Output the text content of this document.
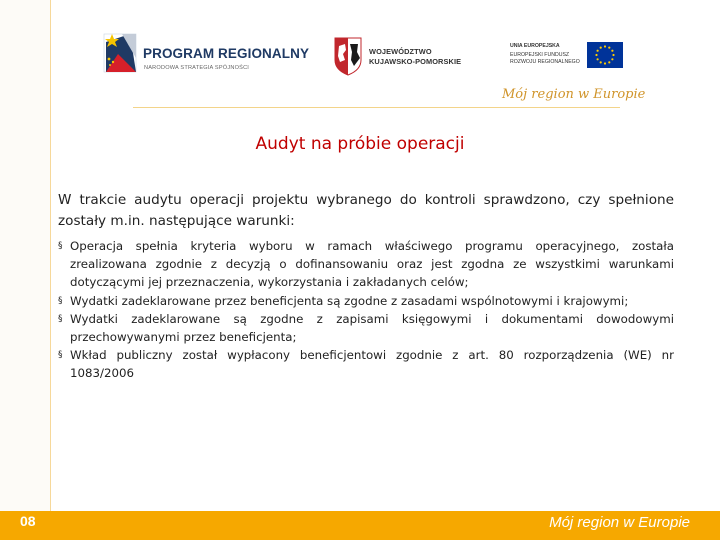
PROGRAM REGIONALNY
NARODOWA STRATEGIA SPÓJNOŚCI
WOJEWÓDZTWO
KUJAWSKO-POMORSKIE
UNIA EUROPEJSKA
EUROPEJSKI FUNDUSZ
ROZWOJU REGIONALNEGO
Mój region w Europie
Audyt na próbie operacji
W trakcie audytu operacji projektu wybranego do kontroli sprawdzono, czy spełnione zostały m.in. następujące warunki:
§ Operacja spełnia kryteria wyboru w ramach właściwego programu operacyjnego, została zrealizowana zgodnie z decyzją o dofinansowaniu oraz jest zgodna ze wszystkimi warunkami dotyczącymi jej przeznaczenia, wykorzystania i zakładanych celów;
§ Wydatki zadeklarowane przez beneficjenta są zgodne z zasadami wspólnotowymi i krajowymi;
§ Wydatki zadeklarowane są zgodne z zapisami księgowymi i dokumentami dowodowymi przechowywanymi przez beneficjenta;
§ Wkład publiczny został wypłacony beneficjentowi zgodnie z art. 80 rozporządzenia (WE) nr 1083/2006
08	Mój region w Europie
